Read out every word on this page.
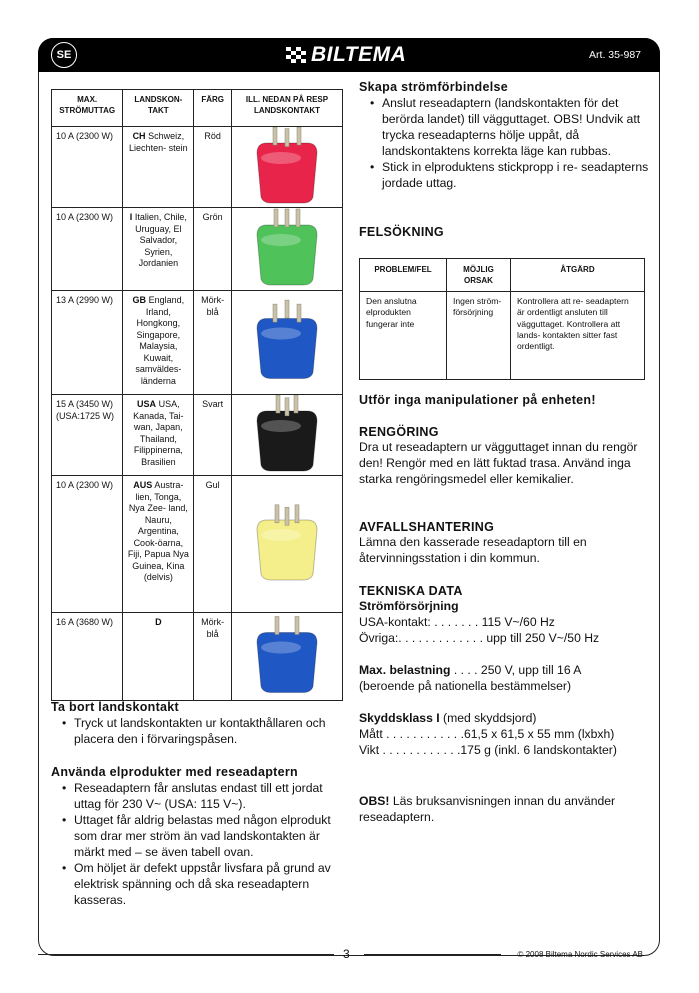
SE	BILTEMA	Art. 35-987
MAX. STRÖMUTTAG	LANDSKON- TAKT	FÄRG	ILL. NEDAN PÅ RESP LANDSKONTAKT
10 A (2300 W)	CH Schweiz, Liechten- stein	Röd	

10 A (2300 W)	I Italien, Chile, Uruguay, El Salvador, Syrien, Jordanien	Grön	

13 A (2990 W)	GB England, Irland, Hongkong, Singapore, Malaysia, Kuwait, samväldes- länderna	Mörk- blå	

15 A (3450 W) (USA:1725 W)	USA USA, Kanada, Tai- wan, Japan, Thailand, Filippinerna, Brasilien	Svart	

10 A (2300 W)	AUS Austra- lien, Tonga, Nya Zee- land, Nauru, Argentina, Cook-öarna, Fiji, Papua Nya Guinea, Kina (delvis)	Gul	

16 A (3680 W)	D	Mörk- blå	
Ta bort landskontakt
• Tryck ut landskontakten ur kontakthållaren och placera den i förvaringspåsen.
Använda elprodukter med reseadaptern
• Reseadaptern får anslutas endast till ett jordat uttag för 230 V~ (USA: 115 V~).
• Uttaget får aldrig belastas med någon elprodukt som drar mer ström än vad landskontakten är märkt med – se även tabell ovan.
• Om höljet är defekt uppstår livsfara på grund av elektrisk spänning och då ska reseadaptern kasseras.
Skapa strömförbindelse
• Anslut reseadaptern (landskontakten för det berörda landet) till vägguttaget. OBS! Undvik att trycka reseadapterns hölje uppåt, då landskontaktens korrekta läge kan rubbas.
• Stick in elproduktens stickpropp i re- seadapterns jordade uttag.
FELSÖKNING
PROBLEM/FEL	MÖJLIG ORSAK	ÅTGÄRD
Den anslutna elprodukten fungerar inte	Ingen ström- försörjning	Kontrollera att re- seadaptern är ordentligt ansluten till vägguttaget. Kontrollera att lands- kontakten sitter fast ordentligt.
Utför inga manipulationer på enheten!
RENGÖRING
Dra ut reseadaptern ur vägguttaget innan du rengör den! Rengör med en lätt fuktad trasa. Använd inga starka rengöringsmedel eller kemikalier.
AVFALLSHANTERING
Lämna den kasserade reseadaptorn till en återvinningsstation i din kommun.
TEKNISKA DATA
Strömförsörjning
USA-kontakt: . . . . . . . 115 V~/60 Hz
Övriga:. . . . . . . . . . . . . upp till 250 V~/50 Hz
Max. belastning . . . . 250 V, upp till 16 A
(beroende på nationella bestämmelser)
Skyddsklass I (med skyddsjord)
Mått . . . . . . . . . . . .61,5 x 61,5 x 55 mm (lxbxh)
Vikt . . . . . . . . . . . .175 g (inkl. 6 landskontakter)
OBS! Läs bruksanvisningen innan du använder reseadaptern.
3	© 2008 Biltema Nordic Services AB
